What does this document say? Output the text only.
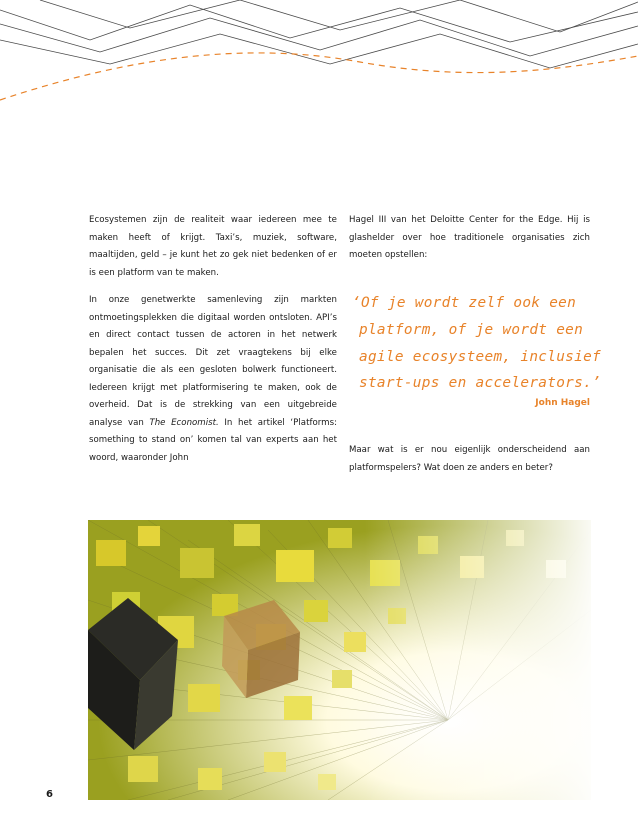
Ecosystemen zijn de realiteit waar iedereen mee te maken heeft of krijgt. Taxi’s, muziek, software, maaltijden, geld – je kunt het zo gek niet bedenken of er is een platform van te maken.

In onze genetwerkte samenleving zijn markten ontmoetingsplekken die digitaal worden ontsloten. API’s en direct contact tussen de actoren in het netwerk bepalen het succes. Dit zet vraagtekens bij elke organisatie die als een gesloten bolwerk functioneert. Iedereen krijgt met platformisering te maken, ook de overheid. Dat is de strekking van een uitgebreide analyse van The Economist. In het artikel ‘Platforms: something to stand on’ komen tal van experts aan het woord, waaronder John

Hagel III van het Deloitte Center for the Edge. Hij is glashelder over hoe traditionele organisaties zich moeten opstellen:

‘Of je wordt zelf ook een
platform, of je wordt een
agile ecosysteem, inclusief
start-ups en accelerators.’
John Hagel

Maar wat is er nou eigenlijk onderscheidend aan platformspelers? Wat doen ze anders en beter?

6
